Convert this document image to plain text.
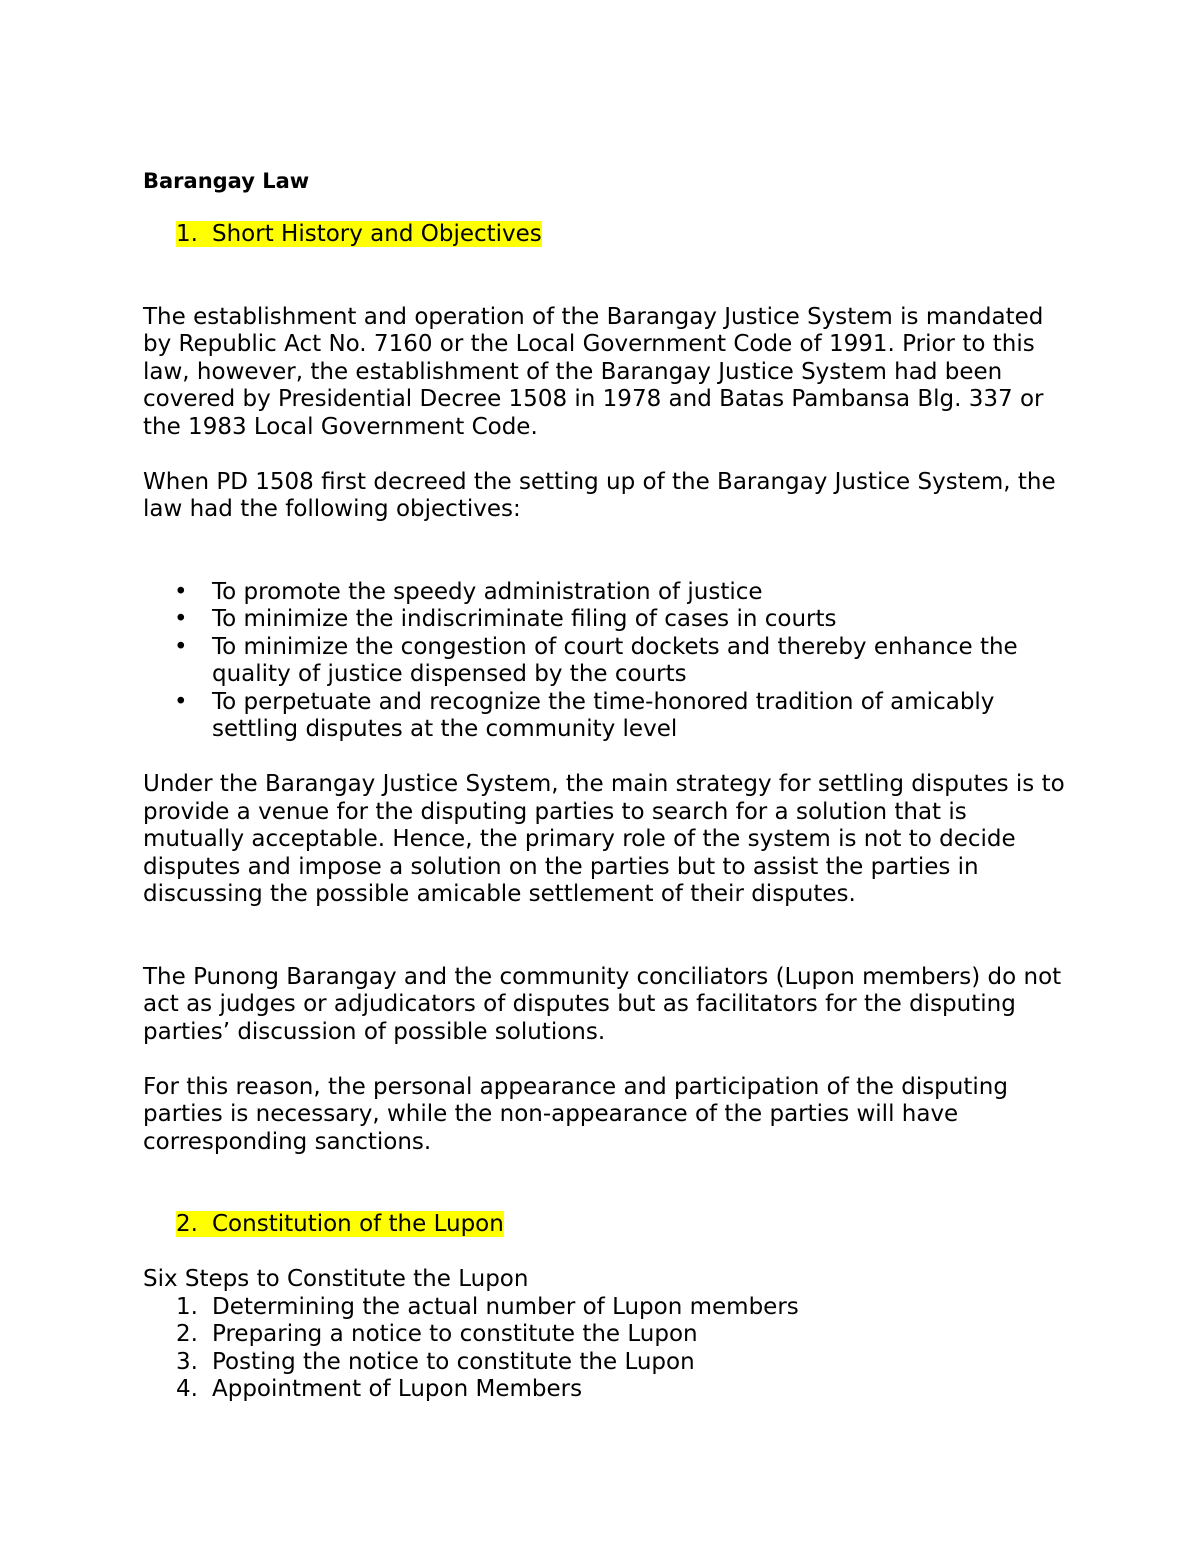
Barangay Law
1. Short History and Objectives

The establishment and operation of the Barangay Justice System is mandated by Republic Act No. 7160 or the Local Government Code of 1991. Prior to this law, however, the establishment of the Barangay Justice System had been covered by Presidential Decree 1508 in 1978 and Batas Pambansa Blg. 337 or the 1983 Local Government Code.

When PD 1508 first decreed the setting up of the Barangay Justice System, the law had the following objectives:

• To promote the speedy administration of justice
• To minimize the indiscriminate filing of cases in courts
• To minimize the congestion of court dockets and thereby enhance the quality of justice dispensed by the courts
• To perpetuate and recognize the time-honored tradition of amicably settling disputes at the community level

Under the Barangay Justice System, the main strategy for settling disputes is to provide a venue for the disputing parties to search for a solution that is mutually acceptable. Hence, the primary role of the system is not to decide disputes and impose a solution on the parties but to assist the parties in discussing the possible amicable settlement of their disputes.

The Punong Barangay and the community conciliators (Lupon members) do not act as judges or adjudicators of disputes but as facilitators for the disputing parties’ discussion of possible solutions.

For this reason, the personal appearance and participation of the disputing parties is necessary, while the non-appearance of the parties will have corresponding sanctions.

2. Constitution of the Lupon

Six Steps to Constitute the Lupon

1. Determining the actual number of Lupon members
2. Preparing a notice to constitute the Lupon
3. Posting the notice to constitute the Lupon
4. Appointment of Lupon Members
